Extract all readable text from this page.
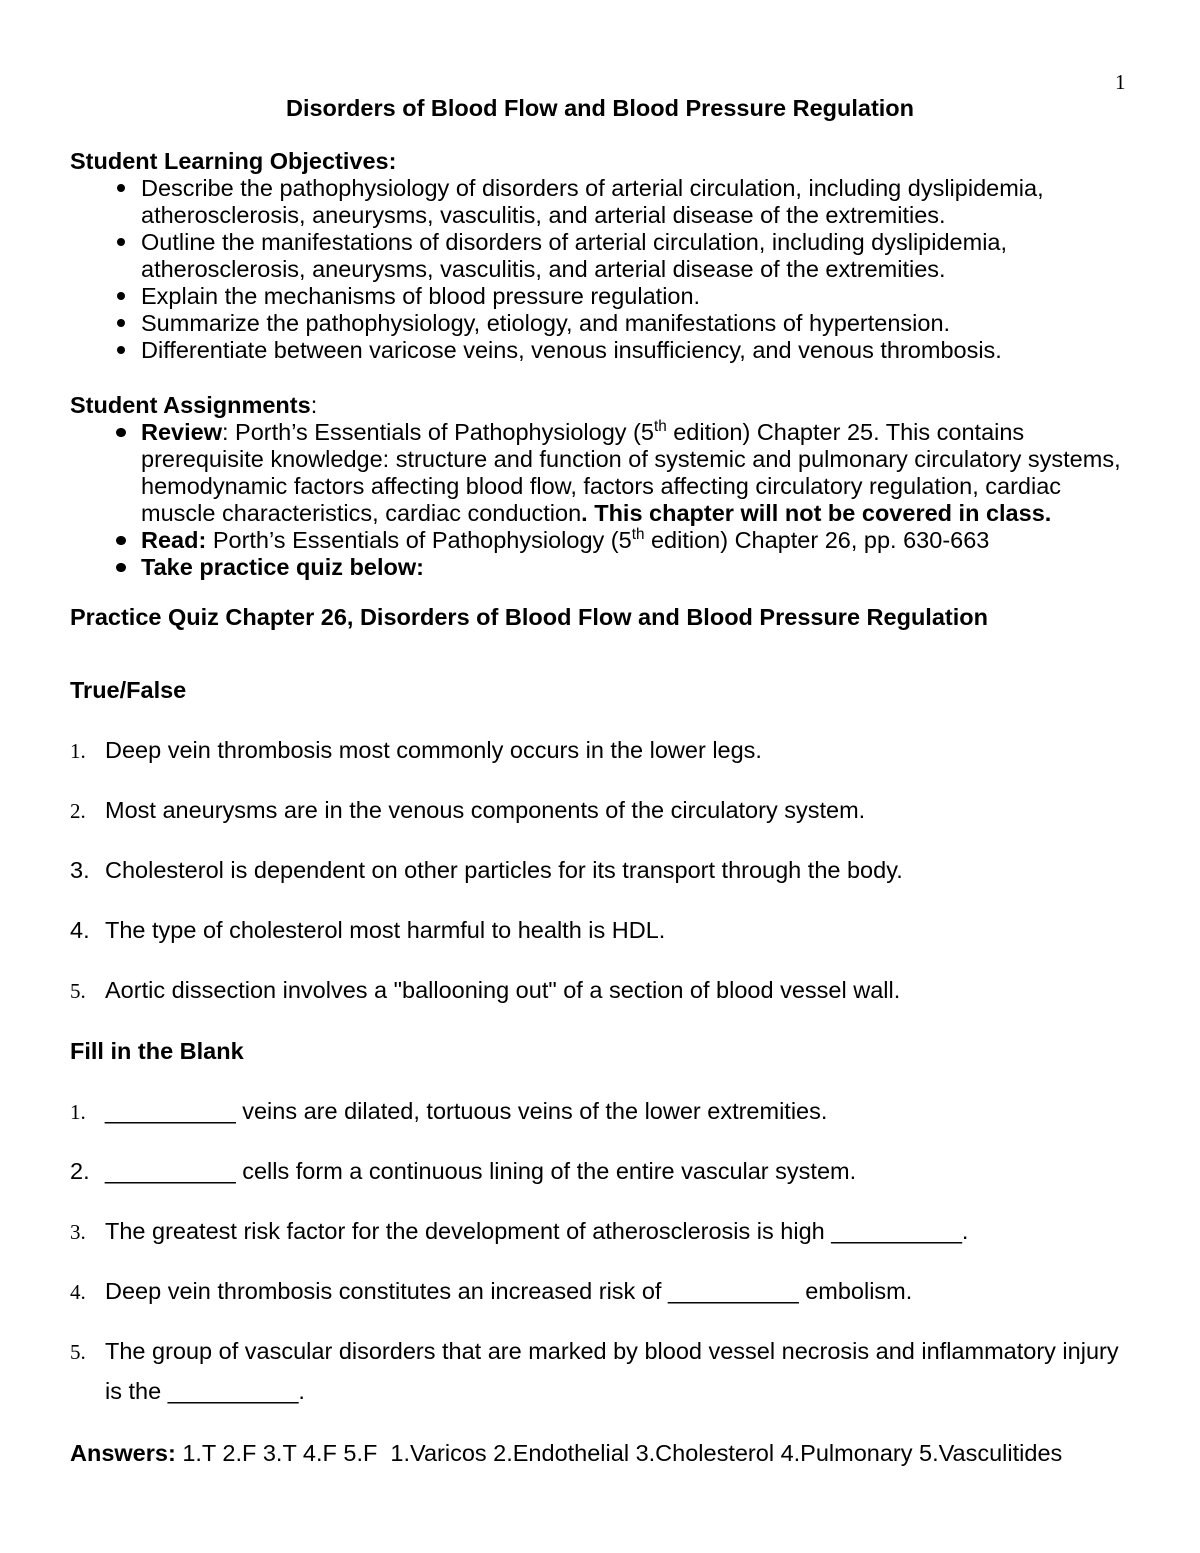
1
Disorders of Blood Flow and Blood Pressure Regulation
Student Learning Objectives:
Describe the pathophysiology of disorders of arterial circulation, including dyslipidemia, atherosclerosis, aneurysms, vasculitis, and arterial disease of the extremities.
Outline the manifestations of disorders of arterial circulation, including dyslipidemia, atherosclerosis, aneurysms, vasculitis, and arterial disease of the extremities.
Explain the mechanisms of blood pressure regulation.
Summarize the pathophysiology, etiology, and manifestations of hypertension.
Differentiate between varicose veins, venous insufficiency, and venous thrombosis.
Student Assignments:
Review: Porth’s Essentials of Pathophysiology (5th edition) Chapter 25. This contains prerequisite knowledge: structure and function of systemic and pulmonary circulatory systems, hemodynamic factors affecting blood flow, factors affecting circulatory regulation, cardiac muscle characteristics, cardiac conduction. This chapter will not be covered in class.
Read: Porth’s Essentials of Pathophysiology (5th edition) Chapter 26, pp. 630-663
Take practice quiz below:
Practice Quiz Chapter 26, Disorders of Blood Flow and Blood Pressure Regulation
True/False
1. Deep vein thrombosis most commonly occurs in the lower legs.
2. Most aneurysms are in the venous components of the circulatory system.
3. Cholesterol is dependent on other particles for its transport through the body.
4. The type of cholesterol most harmful to health is HDL.
5. Aortic dissection involves a "ballooning out" of a section of blood vessel wall.
Fill in the Blank
1. __________ veins are dilated, tortuous veins of the lower extremities.
2. __________ cells form a continuous lining of the entire vascular system.
3. The greatest risk factor for the development of atherosclerosis is high __________.
4. Deep vein thrombosis constitutes an increased risk of __________ embolism.
5. The group of vascular disorders that are marked by blood vessel necrosis and inflammatory injury is the __________.
Answers: 1.T 2.F 3.T 4.F 5.F  1.Varicos 2.Endothelial 3.Cholesterol 4.Pulmonary 5.Vasculitides
